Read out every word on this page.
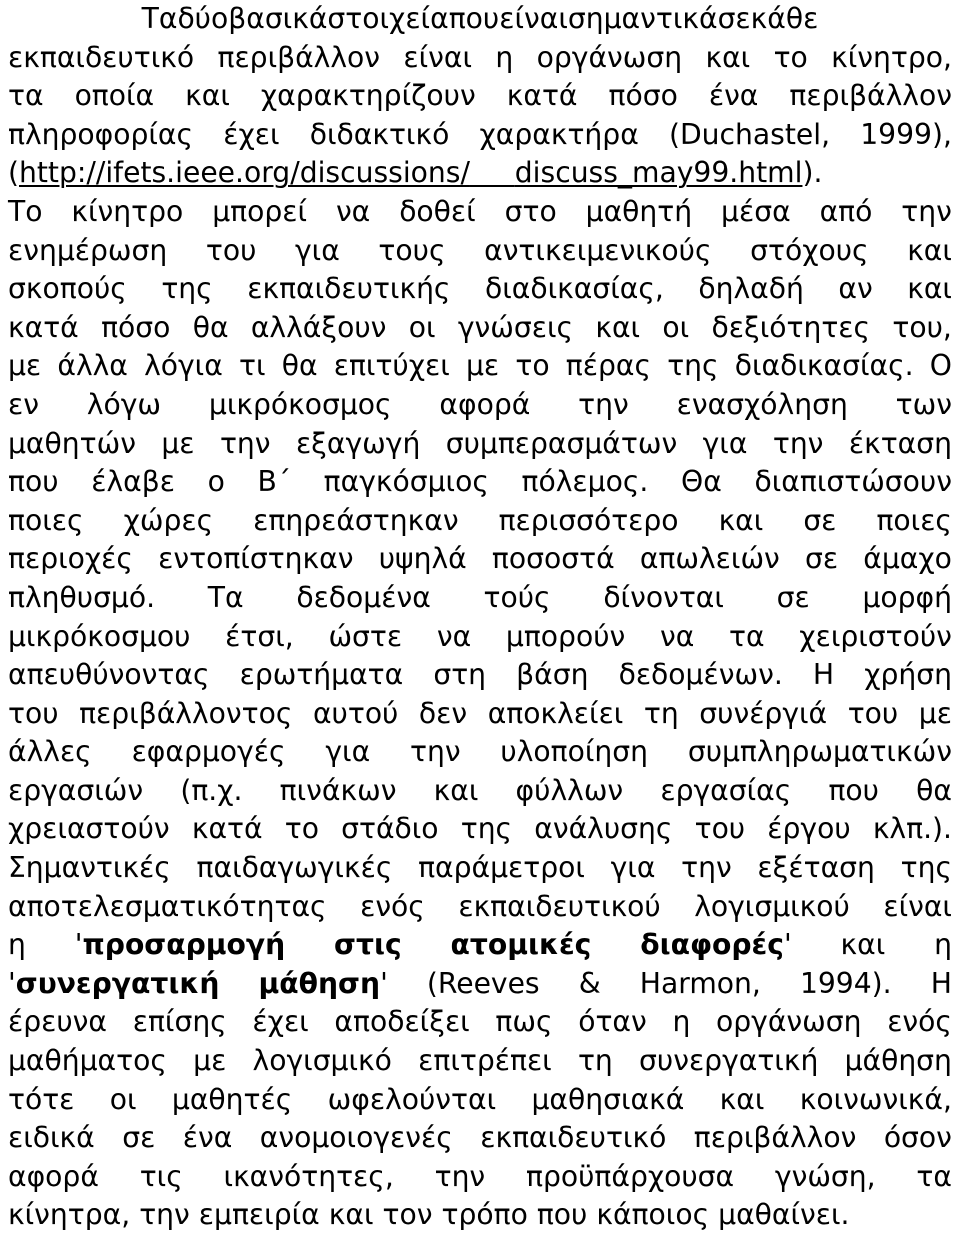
Τα δύο βασικά στοιχεία που είναι σημαντικά σε κάθε
εκπαιδευτικό περιβάλλον είναι η οργάνωση και το κίνητρο,
τα οποία και χαρακτηρίζουν κατά πόσο ένα περιβάλλον
πληροφορίας έχει διδακτικό χαρακτήρα (Duchastel, 1999),
(http://ifets.ieee.org/discussions/ discuss_may99.html).
Το κίνητρο μπορεί να δοθεί στο μαθητή μέσα από την
ενημέρωση του για τους αντικειμενικούς στόχους και
σκοπούς της εκπαιδευτικής διαδικασίας, δηλαδή αν και
κατά πόσο θα αλλάξουν οι γνώσεις και οι δεξιότητες του,
με άλλα λόγια τι θα επιτύχει με το πέρας της διαδικασίας. Ο
εν λόγω μικρόκοσμος αφορά την ενασχόληση των
μαθητών με την εξαγωγή συμπερασμάτων για την έκταση
που έλαβε ο Β΄ παγκόσμιος πόλεμος. Θα διαπιστώσουν
ποιες χώρες επηρεάστηκαν περισσότερο και σε ποιες
περιοχές εντοπίστηκαν υψηλά ποσοστά απωλειών σε άμαχο
πληθυσμό. Τα δεδομένα τούς δίνονται σε μορφή
μικρόκοσμου έτσι, ώστε να μπορούν να τα χειριστούν
απευθύνοντας ερωτήματα στη βάση δεδομένων. Η χρήση
του περιβάλλοντος αυτού δεν αποκλείει τη συνέργιά του με
άλλες εφαρμογές για την υλοποίηση συμπληρωματικών
εργασιών (π.χ. πινάκων και φύλλων εργασίας που θα
χρειαστούν κατά το στάδιο της ανάλυσης του έργου κλπ.).
Σημαντικές παιδαγωγικές παράμετροι για την εξέταση της
αποτελεσματικότητας ενός εκπαιδευτικού λογισμικού είναι
η 'προσαρμογή στις ατομικές διαφορές' και η
'συνεργατική μάθηση' (Reeves & Harmon, 1994). Η
έρευνα επίσης έχει αποδείξει πως όταν η οργάνωση ενός
μαθήματος με λογισμικό επιτρέπει τη συνεργατική μάθηση
τότε οι μαθητές ωφελούνται μαθησιακά και κοινωνικά,
ειδικά σε ένα ανομοιογενές εκπαιδευτικό περιβάλλον όσον
αφορά τις ικανότητες, την προϋπάρχουσα γνώση, τα
κίνητρα, την εμπειρία και τον τρόπο που κάποιος μαθαίνει.
